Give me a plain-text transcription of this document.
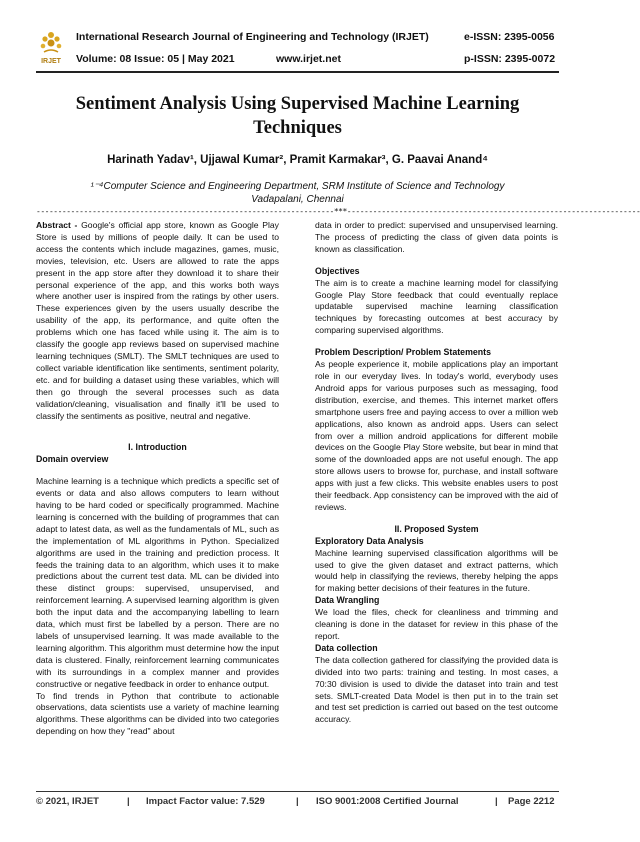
IRJET
International Research Journal of Engineering and Technology (IRJET)
Volume: 08 Issue: 05 | May 2021	www.irjet.net
e-ISSN: 2395-0056
p-ISSN: 2395-0072
Sentiment Analysis Using Supervised Machine Learning Techniques
Harinath Yadav¹, Ujjawal Kumar², Pramit Karmakar³, G. Paavai Anand⁴
¹⁻⁴Computer Science and Engineering Department, SRM Institute of Science and Technology
Vadapalani, Chennai
---------------------------------------------------------------------***--------------------------------------------------------------------

Abstract - Google's official app store, known as Google Play Store is used by millions of people daily. It can be used to access the contents which include magazines, games, music, movies, television, etc. Users are allowed to rate the apps present in the app store after they download it to share their personal experience of the app, and this works both ways where another user is inspired from the ratings by other users. These experiences given by the users usually describe the usability of the app, its performance, and quite often the problems which one has faced while using it. The aim is to classify the google app reviews based on supervised machine learning techniques (SMLT). The SMLT techniques are used to collect variable identification like sentiments, sentiment polarity, etc. and for building a dataset using these variables, which will then go through the several processes such as data validation/cleaning, visualisation and finally it'll be used to classify the sentiments as positive, neutral and negative.

I. Introduction

Domain overview

Machine learning is a technique which predicts a specific set of events or data and also allows computers to learn without having to be hard coded or specifically programmed. Machine learning is concerned with the building of programmes that can adapt to latest data, as well as the fundamentals of ML, such as the implementation of ML algorithms in Python. Specialized algorithms are used in the training and prediction process. It feeds the training data to an algorithm, which uses it to make predictions about the current test data. ML can be divided into these distinct groups: supervised, unsupervised, and reinforcement learning. A supervised learning algorithm is given both the input data and the accompanying labelling to learn data, which must first be labelled by a person. There are no labels of unsupervised learning. It was made available to the learning algorithm. This algorithm must determine how the input data is clustered. Finally, reinforcement learning communicates with its surroundings in a complex manner and provides constructive or negative feedback in order to enhance output.

To find trends in Python that contribute to actionable observations, data scientists use a variety of machine learning algorithms. These algorithms can be divided into two categories depending on how they "read" about

data in order to predict: supervised and unsupervised learning. The process of predicting the class of given data points is known as classification.

Objectives

The aim is to create a machine learning model for classifying Google Play Store feedback that could eventually replace updatable supervised machine learning classification techniques by forecasting outcomes at best accuracy by comparing supervised algorithms.

Problem Description/ Problem Statements

As people experience it, mobile applications play an important role in our everyday lives. In today's world, everybody uses Android apps for various purposes such as messaging, food distribution, exercise, and themes. This internet market offers smartphone users free and paying access to over a million web applications, also known as android apps. Users can select from over a million android applications for different mobile devices on the Google Play Store website, but bear in mind that some of the downloaded apps are not useful enough. The app store allows users to browse for, purchase, and install software apps with just a few clicks. This website enables users to post their feedback. App consistency can be improved with the aid of reviews.

II. Proposed System

Exploratory Data Analysis

Machine learning supervised classification algorithms will be used to give the given dataset and extract patterns, which would help in classifying the reviews, thereby helping the apps for making better decisions of their features in the future.

Data Wrangling

We load the files, check for cleanliness and trimming and cleaning is done in the dataset for review in this phase of the report.

Data collection

The data collection gathered for classifying the provided data is divided into two parts: training and testing. In most cases, a 70:30 division is used to divide the dataset into train and test sets. SMLT-created Data Model is then put in to the train set and test set prediction is carried out based on the test outcome accuracy.

© 2021, IRJET	| Impact Factor value: 7.529	| ISO 9001:2008 Certified Journal	| Page 2212
